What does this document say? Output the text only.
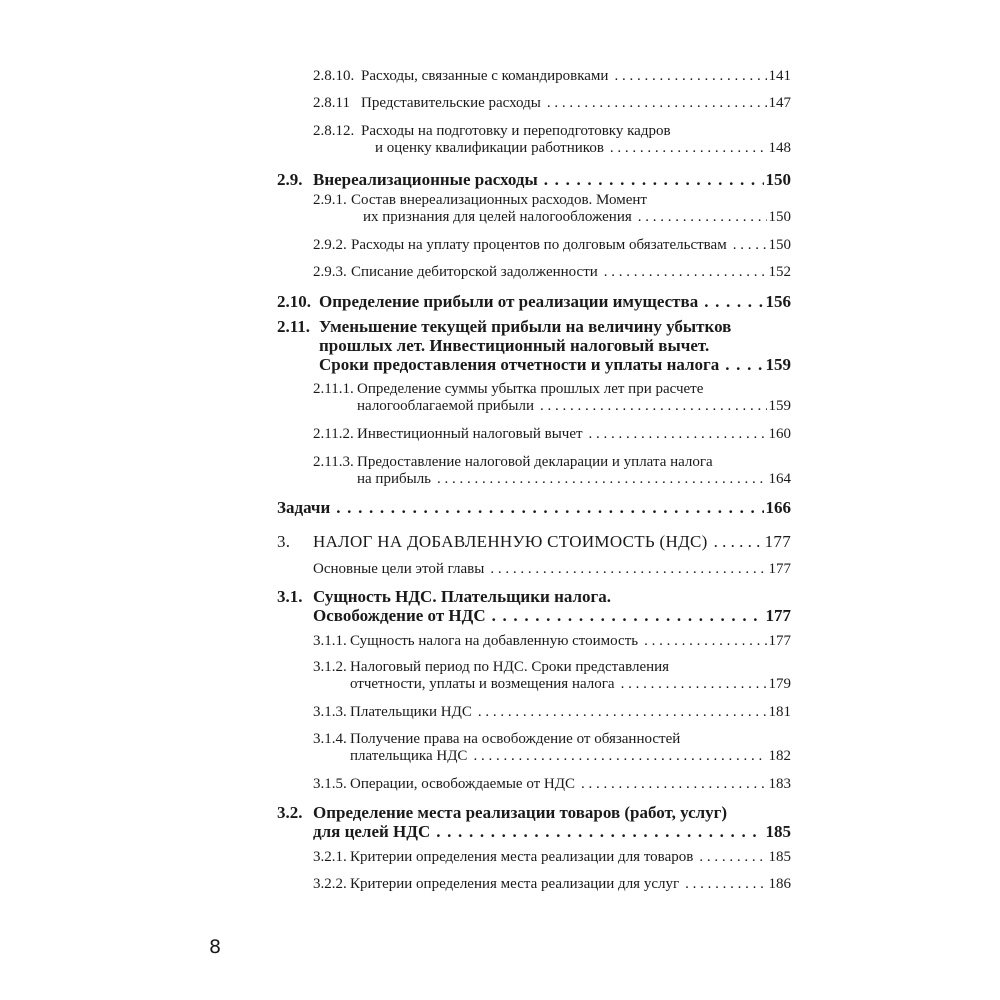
2.8.10. Расходы, связанные с командировками . . .	141
2.8.11 Представительские расходы . . .	147
2.8.12. Расходы на подготовку и переподготовку кадров
и оценку квалификации работников . . .	148
2.9. Внереализационные расходы . . .	150
2.9.1. Состав внереализационных расходов. Момент
их признания для целей налогообложения . . .	150
2.9.2. Расходы на уплату процентов по долговым обязательствам . . .	150
2.9.3. Списание дебиторской задолженности . . .	152
2.10. Определение прибыли от реализации имущества . . .	156
2.11. Уменьшение текущей прибыли на величину убытков
прошлых лет. Инвестиционный налоговый вычет.
Сроки предоставления отчетности и уплаты налога . . .	159
2.11.1. Определение суммы убытка прошлых лет при расчете
налогооблагаемой прибыли . . .	159
2.11.2. Инвестиционный налоговый вычет . . .	160
2.11.3. Предоставление налоговой декларации и уплата налога
на прибыль . . .	164
Задачи . . .	166
3.	НАЛОГ НА ДОБАВЛЕННУЮ СТОИМОСТЬ (НДС) . . .	177
Основные цели этой главы . . .	177
3.1. Сущность НДС. Плательщики налога.
Освобождение от НДС . . .	177
3.1.1. Сущность налога на добавленную стоимость . . .	177
3.1.2. Налоговый период по НДС. Сроки представления
отчетности, уплаты и возмещения налога . . .	179
3.1.3. Плательщики НДС . . .	181
3.1.4. Получение права на освобождение от обязанностей
плательщика НДС . . .	182
3.1.5. Операции, освобождаемые от НДС . . .	183
3.2. Определение места реализации товаров (работ, услуг)
для целей НДС . . .	185
3.2.1. Критерии определения места реализации для товаров . . .	185
3.2.2. Критерии определения места реализации для услуг . . .	186
8
